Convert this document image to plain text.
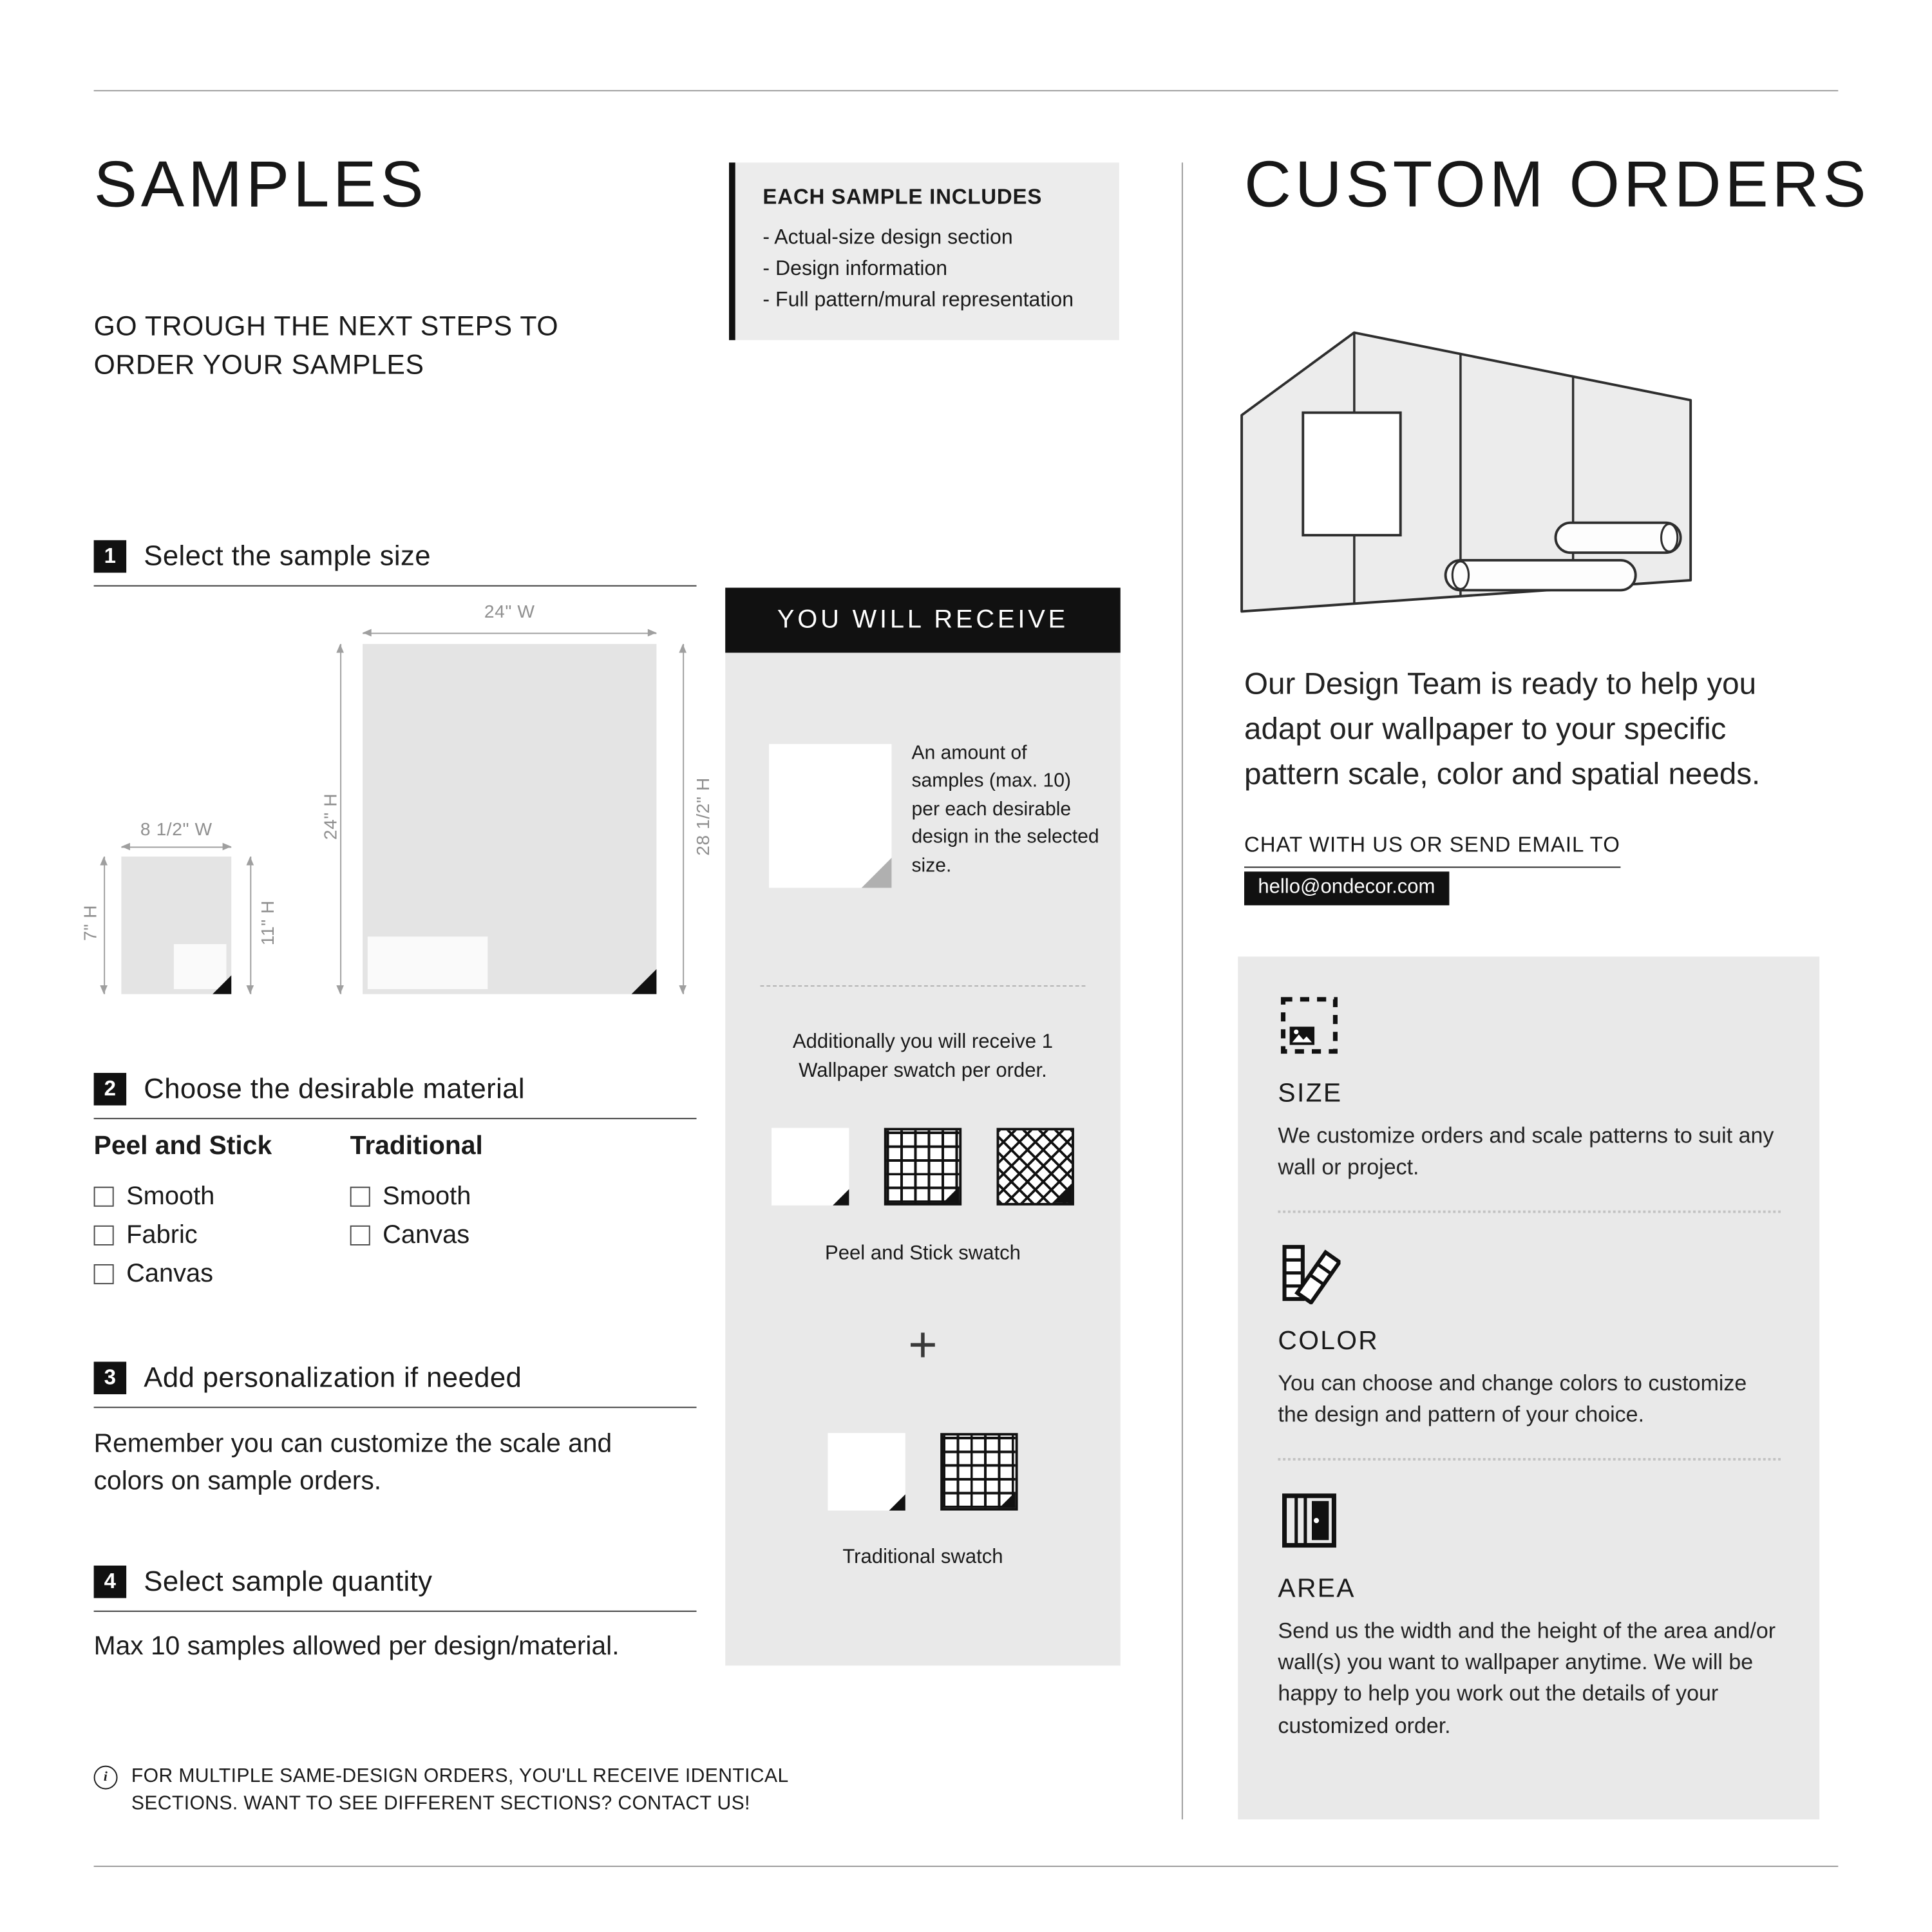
SAMPLES	EACH SAMPLE INCLUDES
- Actual-size design section
- Design information
- Full pattern/mural representation
GO TROUGH THE NEXT STEPS TO ORDER YOUR SAMPLES
1	Select the sample size
24" W
24" H	28 1/2" H
8 1/2" W
7" H	11" H
2	Choose the desirable material
Peel and Stick
Smooth
Fabric
Canvas
Traditional
Smooth
Canvas
3	Add personalization if needed
Remember you can customize the scale and colors on sample orders.
4	Select sample quantity
Max 10 samples allowed per design/material.
i	FOR MULTIPLE SAME-DESIGN ORDERS, YOU'LL RECEIVE IDENTICAL SECTIONS. WANT TO SEE DIFFERENT SECTIONS? CONTACT US!
YOU WILL RECEIVE
An amount of samples (max. 10) per each desirable design in the selected size.
Additionally you will receive 1 Wallpaper swatch per order.
Peel and Stick swatch
+
Traditional swatch
CUSTOM ORDERS
Our Design Team is ready to help you adapt our wallpaper to your specific pattern scale, color and spatial needs.
CHAT WITH US OR SEND EMAIL TO
hello@ondecor.com
SIZE
We customize orders and scale patterns to suit any wall or project.
COLOR
You can choose and change colors to customize the design and pattern of your choice.
AREA
Send us the width and the height of the area and/or wall(s) you want to wallpaper anytime. We will be happy to help you work out the details of your customized order.
